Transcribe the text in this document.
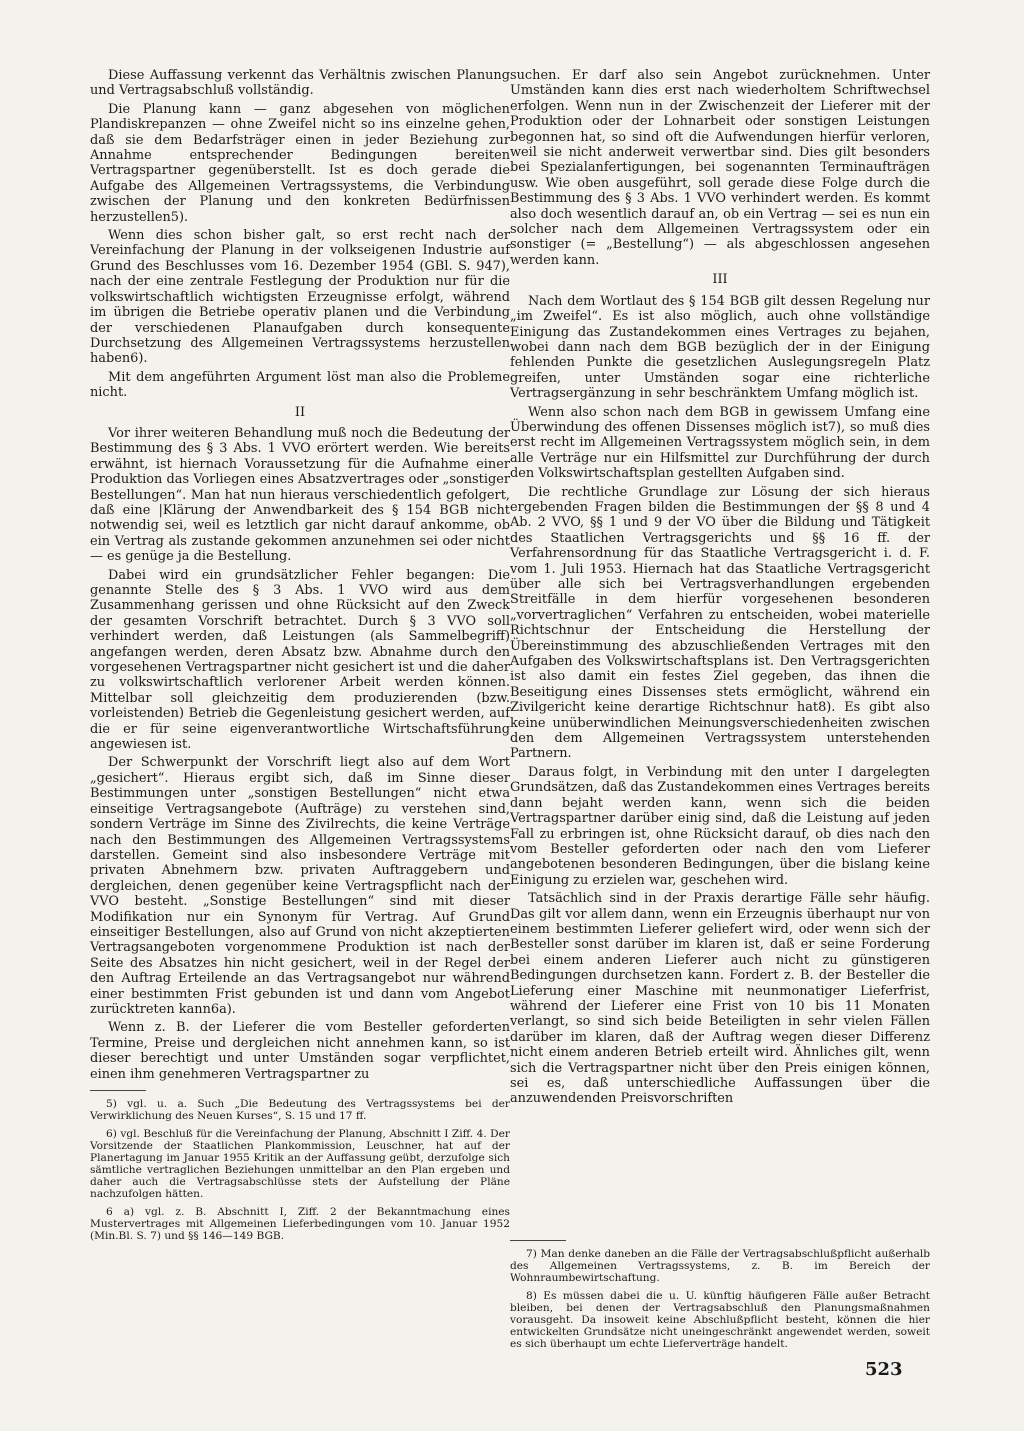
Diese Auffassung verkennt das Verhältnis zwischen Planung und Vertragsabschluß vollständig.

Die Planung kann — ganz abgesehen von möglichen Plandiskrepanzen — ohne Zweifel nicht so ins einzelne gehen, daß sie dem Bedarfsträger einen in jeder Beziehung zur Annahme entsprechender Bedingungen bereiten Vertragspartner gegenüberstellt. Ist es doch gerade die Aufgabe des Allgemeinen Vertragssystems, die Verbindung zwischen der Planung und den konkreten Bedürfnissen herzustellen5).

Wenn dies schon bisher galt, so erst recht nach der Vereinfachung der Planung in der volkseigenen Industrie auf Grund des Beschlusses vom 16. Dezember 1954 (GBl. S. 947), nach der eine zentrale Festlegung der Produktion nur für die volkswirtschaftlich wichtigsten Erzeugnisse erfolgt, während im übrigen die Betriebe operativ planen und die Verbindung der verschiedenen Planaufgaben durch konsequente Durchsetzung des Allgemeinen Vertragssystems herzustellen haben6).

Mit dem angeführten Argument löst man also die Probleme nicht.

II

Vor ihrer weiteren Behandlung muß noch die Bedeutung der Bestimmung des § 3 Abs. 1 VVO erörtert werden. Wie bereits erwähnt, ist hiernach Voraussetzung für die Aufnahme einer Produktion das Vorliegen eines Absatzvertrages oder „sonstiger Bestellungen“. Man hat nun hieraus verschiedentlich gefolgert, daß eine |Klärung der Anwendbarkeit des § 154 BGB nicht notwendig sei, weil es letztlich gar nicht darauf ankomme, ob ein Vertrag als zustande gekommen anzunehmen sei oder nicht — es genüge ja die Bestellung.

Dabei wird ein grundsätzlicher Fehler begangen: Die genannte Stelle des § 3 Abs. 1 VVO wird aus dem Zusammenhang gerissen und ohne Rücksicht auf den Zweck der gesamten Vorschrift betrachtet. Durch § 3 VVO soll verhindert werden, daß Leistungen (als Sammelbegriff) angefangen werden, deren Absatz bzw. Abnahme durch den vorgesehenen Vertragspartner nicht gesichert ist und die daher zu volkswirtschaftlich verlorener Arbeit werden können. Mittelbar soll gleichzeitig dem produzierenden (bzw. vorleistenden) Betrieb die Gegenleistung gesichert werden, auf die er für seine eigenverantwortliche Wirtschaftsführung angewiesen ist.

Der Schwerpunkt der Vorschrift liegt also auf dem Wort „gesichert“. Hieraus ergibt sich, daß im Sinne dieser Bestimmungen unter „sonstigen Bestellungen“ nicht etwa einseitige Vertragsangebote (Aufträge) zu verstehen sind, sondern Verträge im Sinne des Zivilrechts, die keine Verträge nach den Bestimmungen des Allgemeinen Vertragssystems darstellen. Gemeint sind also insbesondere Verträge mit privaten Abnehmern bzw. privaten Auftraggebern und dergleichen, denen gegenüber keine Vertragspflicht nach der VVO besteht. „Sonstige Bestellungen“ sind mit dieser Modifikation nur ein Synonym für Vertrag. Auf Grund einseitiger Bestellungen, also auf Grund von nicht akzeptierten Vertragsangeboten vorgenommene Produktion ist nach der Seite des Absatzes hin nicht gesichert, weil in der Regel der den Auftrag Erteilende an das Vertragsangebot nur während einer bestimmten Frist gebunden ist und dann vom Angebot zurücktreten kann6a).

Wenn z. B. der Lieferer die vom Besteller geforderten Termine, Preise und dergleichen nicht annehmen kann, so ist dieser berechtigt und unter Umständen sogar verpflichtet, einen ihm genehmeren Vertragspartner zu

5) vgl. u. a. Such „Die Bedeutung des Vertragssystems bei der Verwirklichung des Neuen Kurses“, S. 15 und 17 ff.

6) vgl. Beschluß für die Vereinfachung der Planung, Abschnitt I Ziff. 4. Der Vorsitzende der Staatlichen Plankommission, Leuschner, hat auf der Planertagung im Januar 1955 Kritik an der Auffassung geübt, derzufolge sich sämtliche vertraglichen Beziehungen unmittelbar an den Plan ergeben und daher auch die Vertragsabschlüsse stets der Aufstellung der Pläne nachzufolgen hätten.

6 a) vgl. z. B. Abschnitt I, Ziff. 2 der Bekanntmachung eines Mustervertrages mit Allgemeinen Lieferbedingungen vom 10. Januar 1952 (Min.Bl. S. 7) und §§ 146—149 BGB.

suchen. Er darf also sein Angebot zurücknehmen. Unter Umständen kann dies erst nach wiederholtem Schriftwechsel erfolgen. Wenn nun in der Zwischenzeit der Lieferer mit der Produktion oder der Lohnarbeit oder sonstigen Leistungen begonnen hat, so sind oft die Aufwendungen hierfür verloren, weil sie nicht anderweit verwertbar sind. Dies gilt besonders bei Spezialanfertigungen, bei sogenannten Terminaufträgen usw. Wie oben ausgeführt, soll gerade diese Folge durch die Bestimmung des § 3 Abs. 1 VVO verhindert werden. Es kommt also doch wesentlich darauf an, ob ein Vertrag — sei es nun ein solcher nach dem Allgemeinen Vertragssystem oder ein sonstiger (= „Bestellung“) — als abgeschlossen angesehen werden kann.

III

Nach dem Wortlaut des § 154 BGB gilt dessen Regelung nur „im Zweifel“. Es ist also möglich, auch ohne vollständige Einigung das Zustandekommen eines Vertrages zu bejahen, wobei dann nach dem BGB bezüglich der in der Einigung fehlenden Punkte die gesetzlichen Auslegungsregeln Platz greifen, unter Umständen sogar eine richterliche Vertragsergänzung in sehr beschränktem Umfang möglich ist.

Wenn also schon nach dem BGB in gewissem Umfang eine Überwindung des offenen Dissenses möglich ist7), so muß dies erst recht im Allgemeinen Vertragssystem möglich sein, in dem alle Verträge nur ein Hilfsmittel zur Durchführung der durch den Volkswirtschaftsplan gestellten Aufgaben sind.

Die rechtliche Grundlage zur Lösung der sich hieraus ergebenden Fragen bilden die Bestimmungen der §§ 8 und 4 Ab. 2 VVO, §§ 1 und 9 der VO über die Bildung und Tätigkeit des Staatlichen Vertragsgerichts und §§ 16 ff. der Verfahrensordnung für das Staatliche Vertragsgericht i. d. F. vom 1. Juli 1953. Hiernach hat das Staatliche Vertragsgericht über alle sich bei Vertragsverhandlungen ergebenden Streitfälle in dem hierfür vorgesehenen besonderen „vorvertraglichen“ Verfahren zu entscheiden, wobei materielle Richtschnur der Entscheidung die Herstellung der Übereinstimmung des abzuschließenden Vertrages mit den Aufgaben des Volkswirtschaftsplans ist. Den Vertragsgerichten ist also damit ein festes Ziel gegeben, das ihnen die Beseitigung eines Dissenses stets ermöglicht, während ein Zivilgericht keine derartige Richtschnur hat8). Es gibt also keine unüberwindlichen Meinungsverschiedenheiten zwischen den dem Allgemeinen Vertragssystem unterstehenden Partnern.

Daraus folgt, in Verbindung mit den unter I dargelegten Grundsätzen, daß das Zustandekommen eines Vertrages bereits dann bejaht werden kann, wenn sich die beiden Vertragspartner darüber einig sind, daß die Leistung auf jeden Fall zu erbringen ist, ohne Rücksicht darauf, ob dies nach den vom Besteller geforderten oder nach den vom Lieferer angebotenen besonderen Bedingungen, über die bislang keine Einigung zu erzielen war, geschehen wird.

Tatsächlich sind in der Praxis derartige Fälle sehr häufig. Das gilt vor allem dann, wenn ein Erzeugnis überhaupt nur von einem bestimmten Lieferer geliefert wird, oder wenn sich der Besteller sonst darüber im klaren ist, daß er seine Forderung bei einem anderen Lieferer auch nicht zu günstigeren Bedingungen durchsetzen kann. Fordert z. B. der Besteller die Lieferung einer Maschine mit neunmonatiger Lieferfrist, während der Lieferer eine Frist von 10 bis 11 Monaten verlangt, so sind sich beide Beteiligten in sehr vielen Fällen darüber im klaren, daß der Auftrag wegen dieser Differenz nicht einem anderen Betrieb erteilt wird. Ähnliches gilt, wenn sich die Vertragspartner nicht über den Preis einigen können, sei es, daß unterschiedliche Auffassungen über die anzuwendenden Preisvorschriften

7) Man denke daneben an die Fälle der Vertragsabschlußpflicht außerhalb des Allgemeinen Vertragssystems, z. B. im Bereich der Wohnraumbewirtschaftung.

8) Es müssen dabei die u. U. künftig häufigeren Fälle außer Betracht bleiben, bei denen der Vertragsabschluß den Planungsmaßnahmen vorausgeht. Da insoweit keine Abschlußpflicht besteht, können die hier entwickelten Grundsätze nicht uneingeschränkt angewendet werden, soweit es sich überhaupt um echte Lieferverträge handelt.

523
